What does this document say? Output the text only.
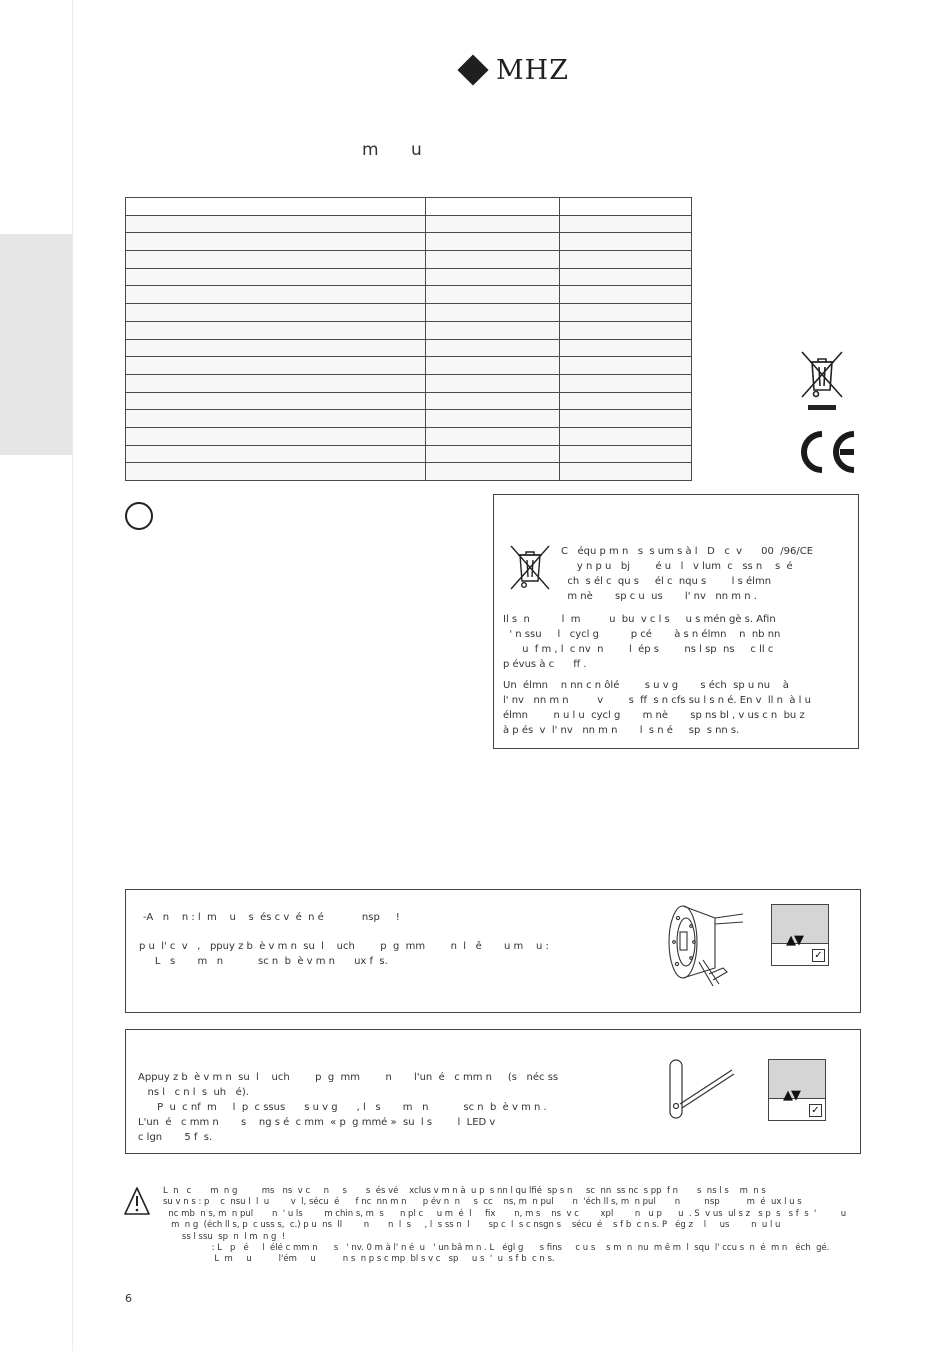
MHZ
m      u

C   équ p m n   s  s um s à l   D   c  v      00  /96/CE
y n p u   bj        é u   l   v lum  c   ss n    s  é
ch  s él c  qu s     él c  nqu s        l s élmn
m nè       sp c u  us       l' nv   nn m n .

Il s  n          l  m         u  bu  v c l s     u s mén gè s. Afin
' n ssu     l   cycl g          p cé       à s n élmn    n  nb nn
u  f m , l  c nv  n        l  ép s        ns l sp  ns     c ll c
p évus à c      ff .

Un  élmn    n nn c n ôlé        s u v g       s éch  sp u nu    à
l' nv   nn m n         v        s  ff  s n cfs su l s n é. En v  ll n  à l u
élmn        n u l u  cycl g       m nè       sp ns bl , v us c n  bu z
à p és  v  l' nv   nn m n       l  s n é     sp  s nn s.

-A   n    n : l  m    u    s  és c v  é  n é            nsp     !

p u  l' c  v   ,   ppuy z b  è v m n  su  l    uch        p  g  mm        n  l   ê       u m    u :
L   s       m   n           sc n  b  è v m n      ux f  s.

▲▼
✓

Appuy z b  è v m n  su  l    uch        p  g  mm        n       l'un  é   c mm n     (s   néc ss
ns l   c n l  s  uh   é).
P  u  c nf  m     l  p  c ssus      s u v g      , l   s       m   n           sc n  b  è v m n .
L'un  é   c mm n       s    ng s é  c mm  « p  g mmé »  su  l s        l  LED v
c lgn       5 f  s.

▲▼
✓

L  n   c       m  n g         ms   ns  v c     n     s       s  és vé    xclus v m n à  u p  s nn l qu lfié  sp s n     sc  nn  ss nc  s pp  f n       s  ns l s    m  n s
su v n s : p    c  nsu l  l  u        v  l, sécu  é      f nc  nn m n      p év n  n     s  cc    ns, m  n pul       n  'éch ll s, m  n pul       n         nsp          m  é  ux l u s
nc mb  n s, m  n pul       n  ' u ls        m chin s, m  s      n pl c     u m  é  l     fix       n, m s    ns  v c        xpl        n   u p      u  . S  v us  ul s z   s p  s   s f  s  '         u
m  n g  (éch ll s, p  c uss s,  c.) p u  ns  ll        n       n  l  s     , l  s ss n  l       sp c  l  s c nsgn s    sécu  é    s f b  c n s. P   ég z    l     us        n  u l u
ss l ssu  sp  n  l m  n g  !
: L   p   é     l  élé c mm n      s   ' nv. 0 m à l' n é  u   ' un bâ m n . L   égl g      s fins     c u s    s m  n  nu  m ê m  l  squ  l' ccu s  n  é  m n   éch  gé.
L  m     u          l'ém     u          n s  n p s c mp  bl s v c   sp     u s  '  u  s f b  c n s.

6
